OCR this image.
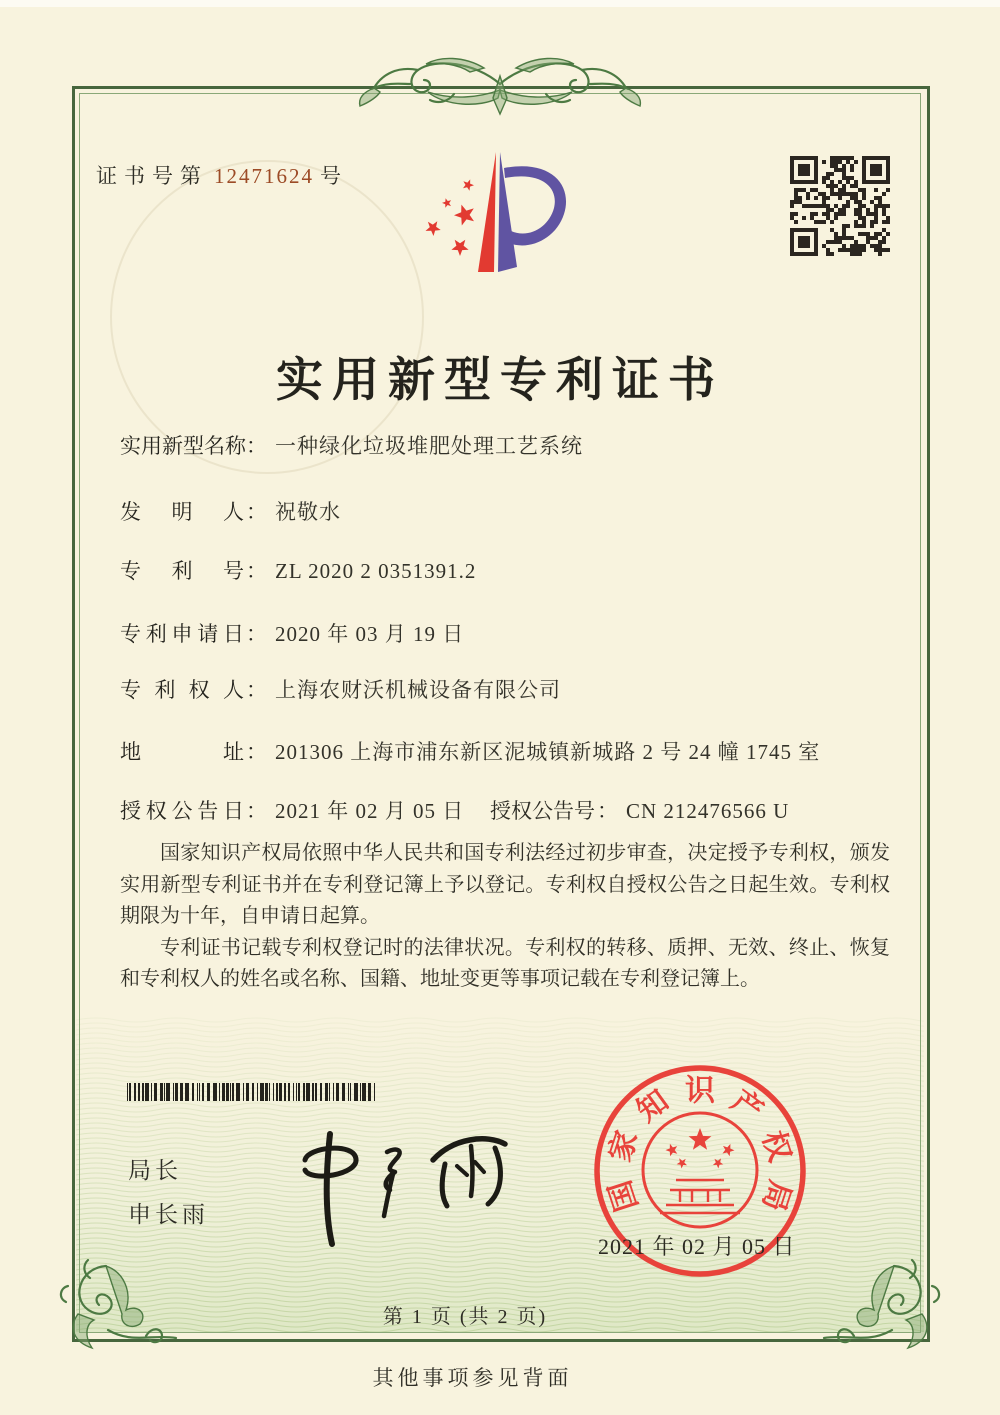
证书号第 12471624 号
实用新型专利证书
实用新型名称： 一种绿化垃圾堆肥处理工艺系统
发明人： 祝敬水
专利号： ZL 2020 2 0351391.2
专利申请日： 2020 年 03 月 19 日
专利权人： 上海农财沃机械设备有限公司
地址： 201306 上海市浦东新区泥城镇新城路 2 号 24 幢 1745 室
授权公告日： 2021 年 02 月 05 日 授权公告号： CN 212476566 U

国家知识产权局依照中华人民共和国专利法经过初步审查，决定授予专利权，颁发实用新型专利证书并在专利登记簿上予以登记。专利权自授权公告之日起生效。专利权期限为十年，自申请日起算。

专利证书记载专利权登记时的法律状况。专利权的转移、质押、无效、终止、恢复和专利权人的姓名或名称、国籍、地址变更等事项记载在专利登记簿上。

局长
申长雨	国
家
知 识 产
权
局
2021 年 02 月 05 日
第 1 页 (共 2 页)
其他事项参见背面
